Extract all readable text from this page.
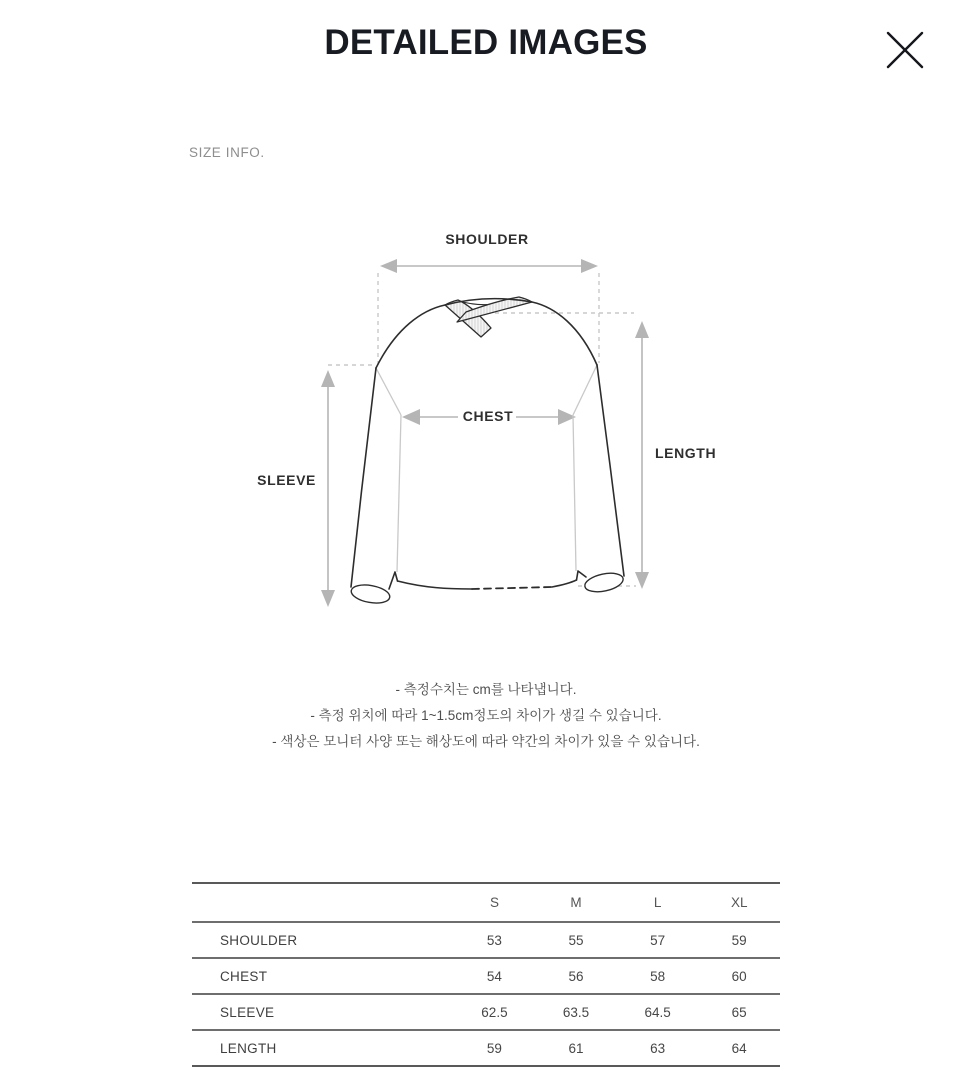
DETAILED IMAGES
SIZE INFO.
SHOULDER
CHEST
SLEEVE
LENGTH

- 측정수치는 cm를 나타냅니다.

- 측정 위치에 따라 1~1.5cm정도의 차이가 생길 수 있습니다.

- 색상은 모니터 사양 또는 해상도에 따라 약간의 차이가 있을 수 있습니다.

	S	M	L	XL
SHOULDER	53	55	57	59
CHEST	54	56	58	60
SLEEVE	62.5	63.5	64.5	65
LENGTH	59	61	63	64
